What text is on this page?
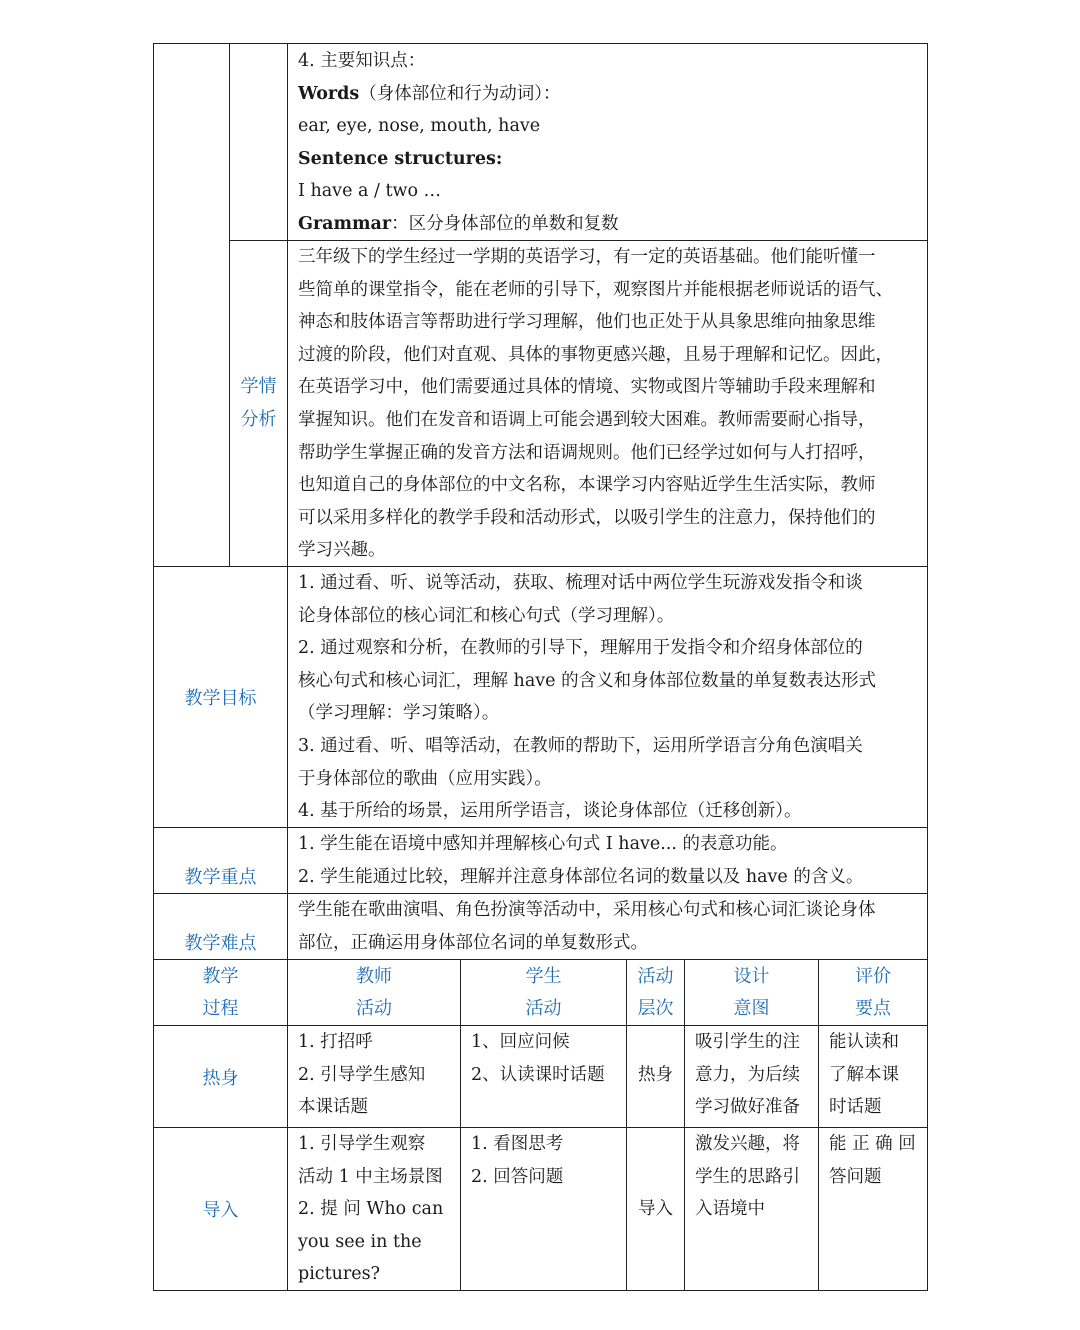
4. 主要知识点：
Words（身体部位和行为动词）：
ear, eye, nose, mouth, have
Sentence structures:
I have a / two …
Grammar：区分身体部位的单数和复数
学情
分析
三年级下的学生经过一学期的英语学习，有一定的英语基础。他们能听懂一
些简单的课堂指令，能在老师的引导下，观察图片并能根据老师说话的语气、
神态和肢体语言等帮助进行学习理解，他们也正处于从具象思维向抽象思维
过渡的阶段，他们对直观、具体的事物更感兴趣，且易于理解和记忆。因此，
在英语学习中，他们需要通过具体的情境、实物或图片等辅助手段来理解和
掌握知识。他们在发音和语调上可能会遇到较大困难。教师需要耐心指导，
帮助学生掌握正确的发音方法和语调规则。他们已经学过如何与人打招呼，
也知道自己的身体部位的中文名称，本课学习内容贴近学生生活实际，教师
可以采用多样化的教学手段和活动形式，以吸引学生的注意力，保持他们的
学习兴趣。
教学目标
1. 通过看、听、说等活动，获取、梳理对话中两位学生玩游戏发指令和谈
论身体部位的核心词汇和核心句式（学习理解）。
2. 通过观察和分析，在教师的引导下，理解用于发指令和介绍身体部位的
核心句式和核心词汇，理解 have 的含义和身体部位数量的单复数表达形式
（学习理解：学习策略）。
3. 通过看、听、唱等活动，在教师的帮助下，运用所学语言分角色演唱关
于身体部位的歌曲（应用实践）。
4. 基于所给的场景，运用所学语言，谈论身体部位（迁移创新）。
教学重点
1. 学生能在语境中感知并理解核心句式 I have... 的表意功能。
2. 学生能通过比较，理解并注意身体部位名词的数量以及 have 的含义。
教学难点
学生能在歌曲演唱、角色扮演等活动中，采用核心句式和核心词汇谈论身体
部位，正确运用身体部位名词的单复数形式。
教学
过程
教师
活动
学生
活动
活动
层次
设计
意图
评价
要点
热身
1. 打招呼
2. 引导学生感知
本课话题
1、回应问候
2、认读课时话题	热身
吸引学生的注
意力，为后续
学习做好准备
能认读和
了解本课
时话题
导入
1. 引导学生观察
活动 1 中主场景图
2. 提 问 Who can
you see in the
pictures?
1. 看图思考
2. 回答问题
导入
激发兴趣，将
学生的思路引
入语境中
能 正 确 回
答问题
